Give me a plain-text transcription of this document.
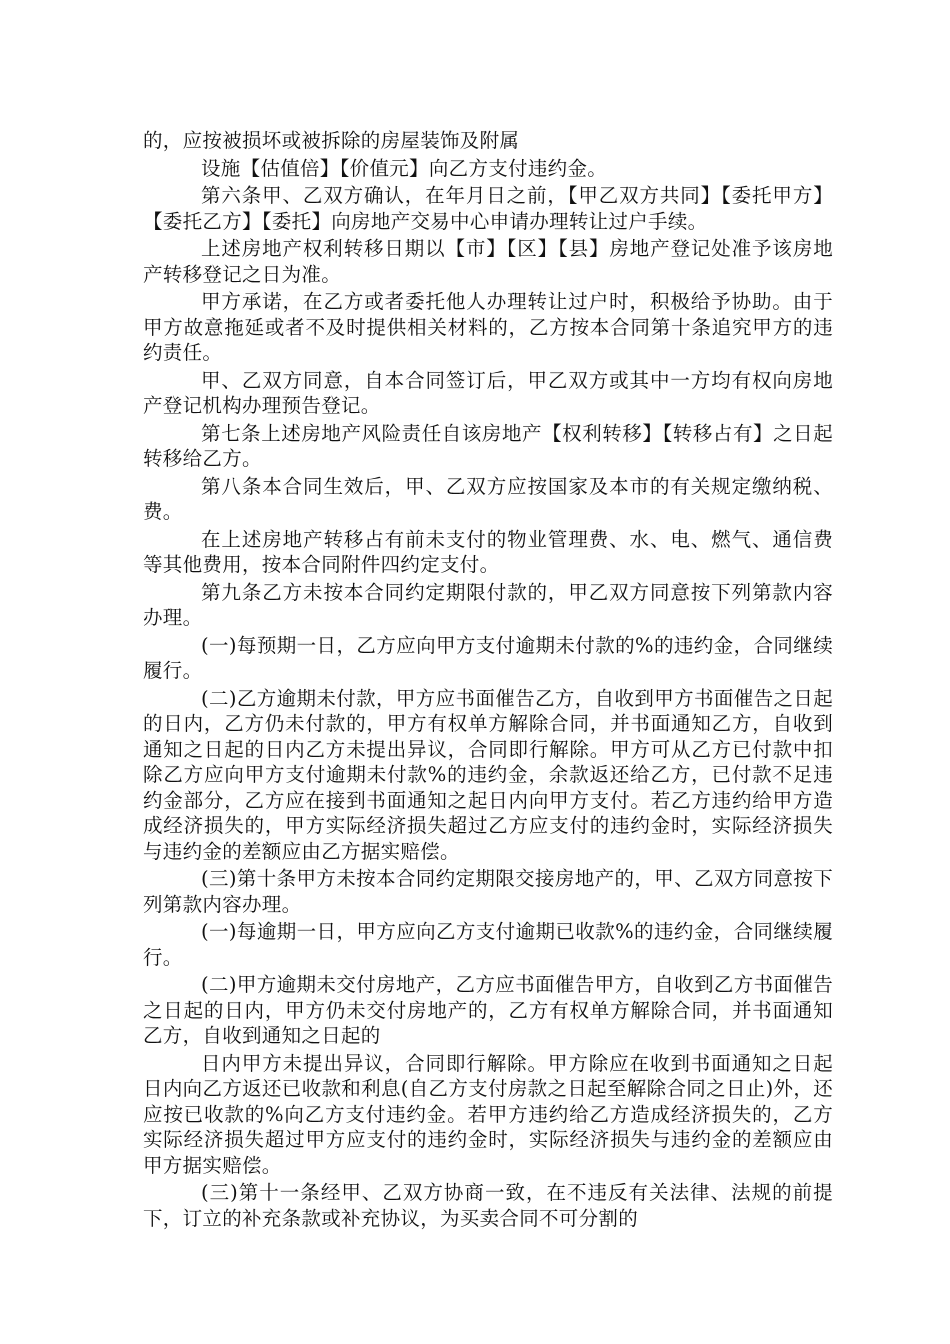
的，应按被损坏或被拆除的房屋装饰及附属

设施【估值倍】【价值元】向乙方支付违约金。

第六条甲、乙双方确认，在年月日之前，【甲乙双方共同】【委托甲方】【委托乙方】【委托】向房地产交易中心申请办理转让过户手续。

上述房地产权利转移日期以【市】【区】【县】房地产登记处准予该房地产转移登记之日为准。

甲方承诺，在乙方或者委托他人办理转让过户时，积极给予协助。由于甲方故意拖延或者不及时提供相关材料的，乙方按本合同第十条追究甲方的违约责任。

甲、乙双方同意，自本合同签订后，甲乙双方或其中一方均有权向房地产登记机构办理预告登记。

第七条上述房地产风险责任自该房地产【权利转移】【转移占有】之日起转移给乙方。

第八条本合同生效后，甲、乙双方应按国家及本市的有关规定缴纳税、费。

在上述房地产转移占有前未支付的物业管理费、水、电、燃气、通信费等其他费用，按本合同附件四约定支付。

第九条乙方未按本合同约定期限付款的，甲乙双方同意按下列第款内容办理。

(一)每预期一日，乙方应向甲方支付逾期未付款的%的违约金，合同继续履行。

(二)乙方逾期未付款，甲方应书面催告乙方，自收到甲方书面催告之日起的日内，乙方仍未付款的，甲方有权单方解除合同，并书面通知乙方，自收到通知之日起的日内乙方未提出异议，合同即行解除。甲方可从乙方已付款中扣除乙方应向甲方支付逾期未付款%的违约金，余款返还给乙方，已付款不足违约金部分，乙方应在接到书面通知之起日内向甲方支付。若乙方违约给甲方造成经济损失的，甲方实际经济损失超过乙方应支付的违约金时，实际经济损失与违约金的差额应由乙方据实赔偿。

(三)第十条甲方未按本合同约定期限交接房地产的，甲、乙双方同意按下列第款内容办理。

(一)每逾期一日，甲方应向乙方支付逾期已收款%的违约金，合同继续履行。

(二)甲方逾期未交付房地产，乙方应书面催告甲方，自收到乙方书面催告之日起的日内，甲方仍未交付房地产的，乙方有权单方解除合同，并书面通知乙方，自收到通知之日起的

日内甲方未提出异议，合同即行解除。甲方除应在收到书面通知之日起日内向乙方返还已收款和利息(自乙方支付房款之日起至解除合同之日止)外，还应按已收款的%向乙方支付违约金。若甲方违约给乙方造成经济损失的，乙方实际经济损失超过甲方应支付的违约金时，实际经济损失与违约金的差额应由甲方据实赔偿。

(三)第十一条经甲、乙双方协商一致，在不违反有关法律、法规的前提下，订立的补充条款或补充协议，为买卖合同不可分割的
